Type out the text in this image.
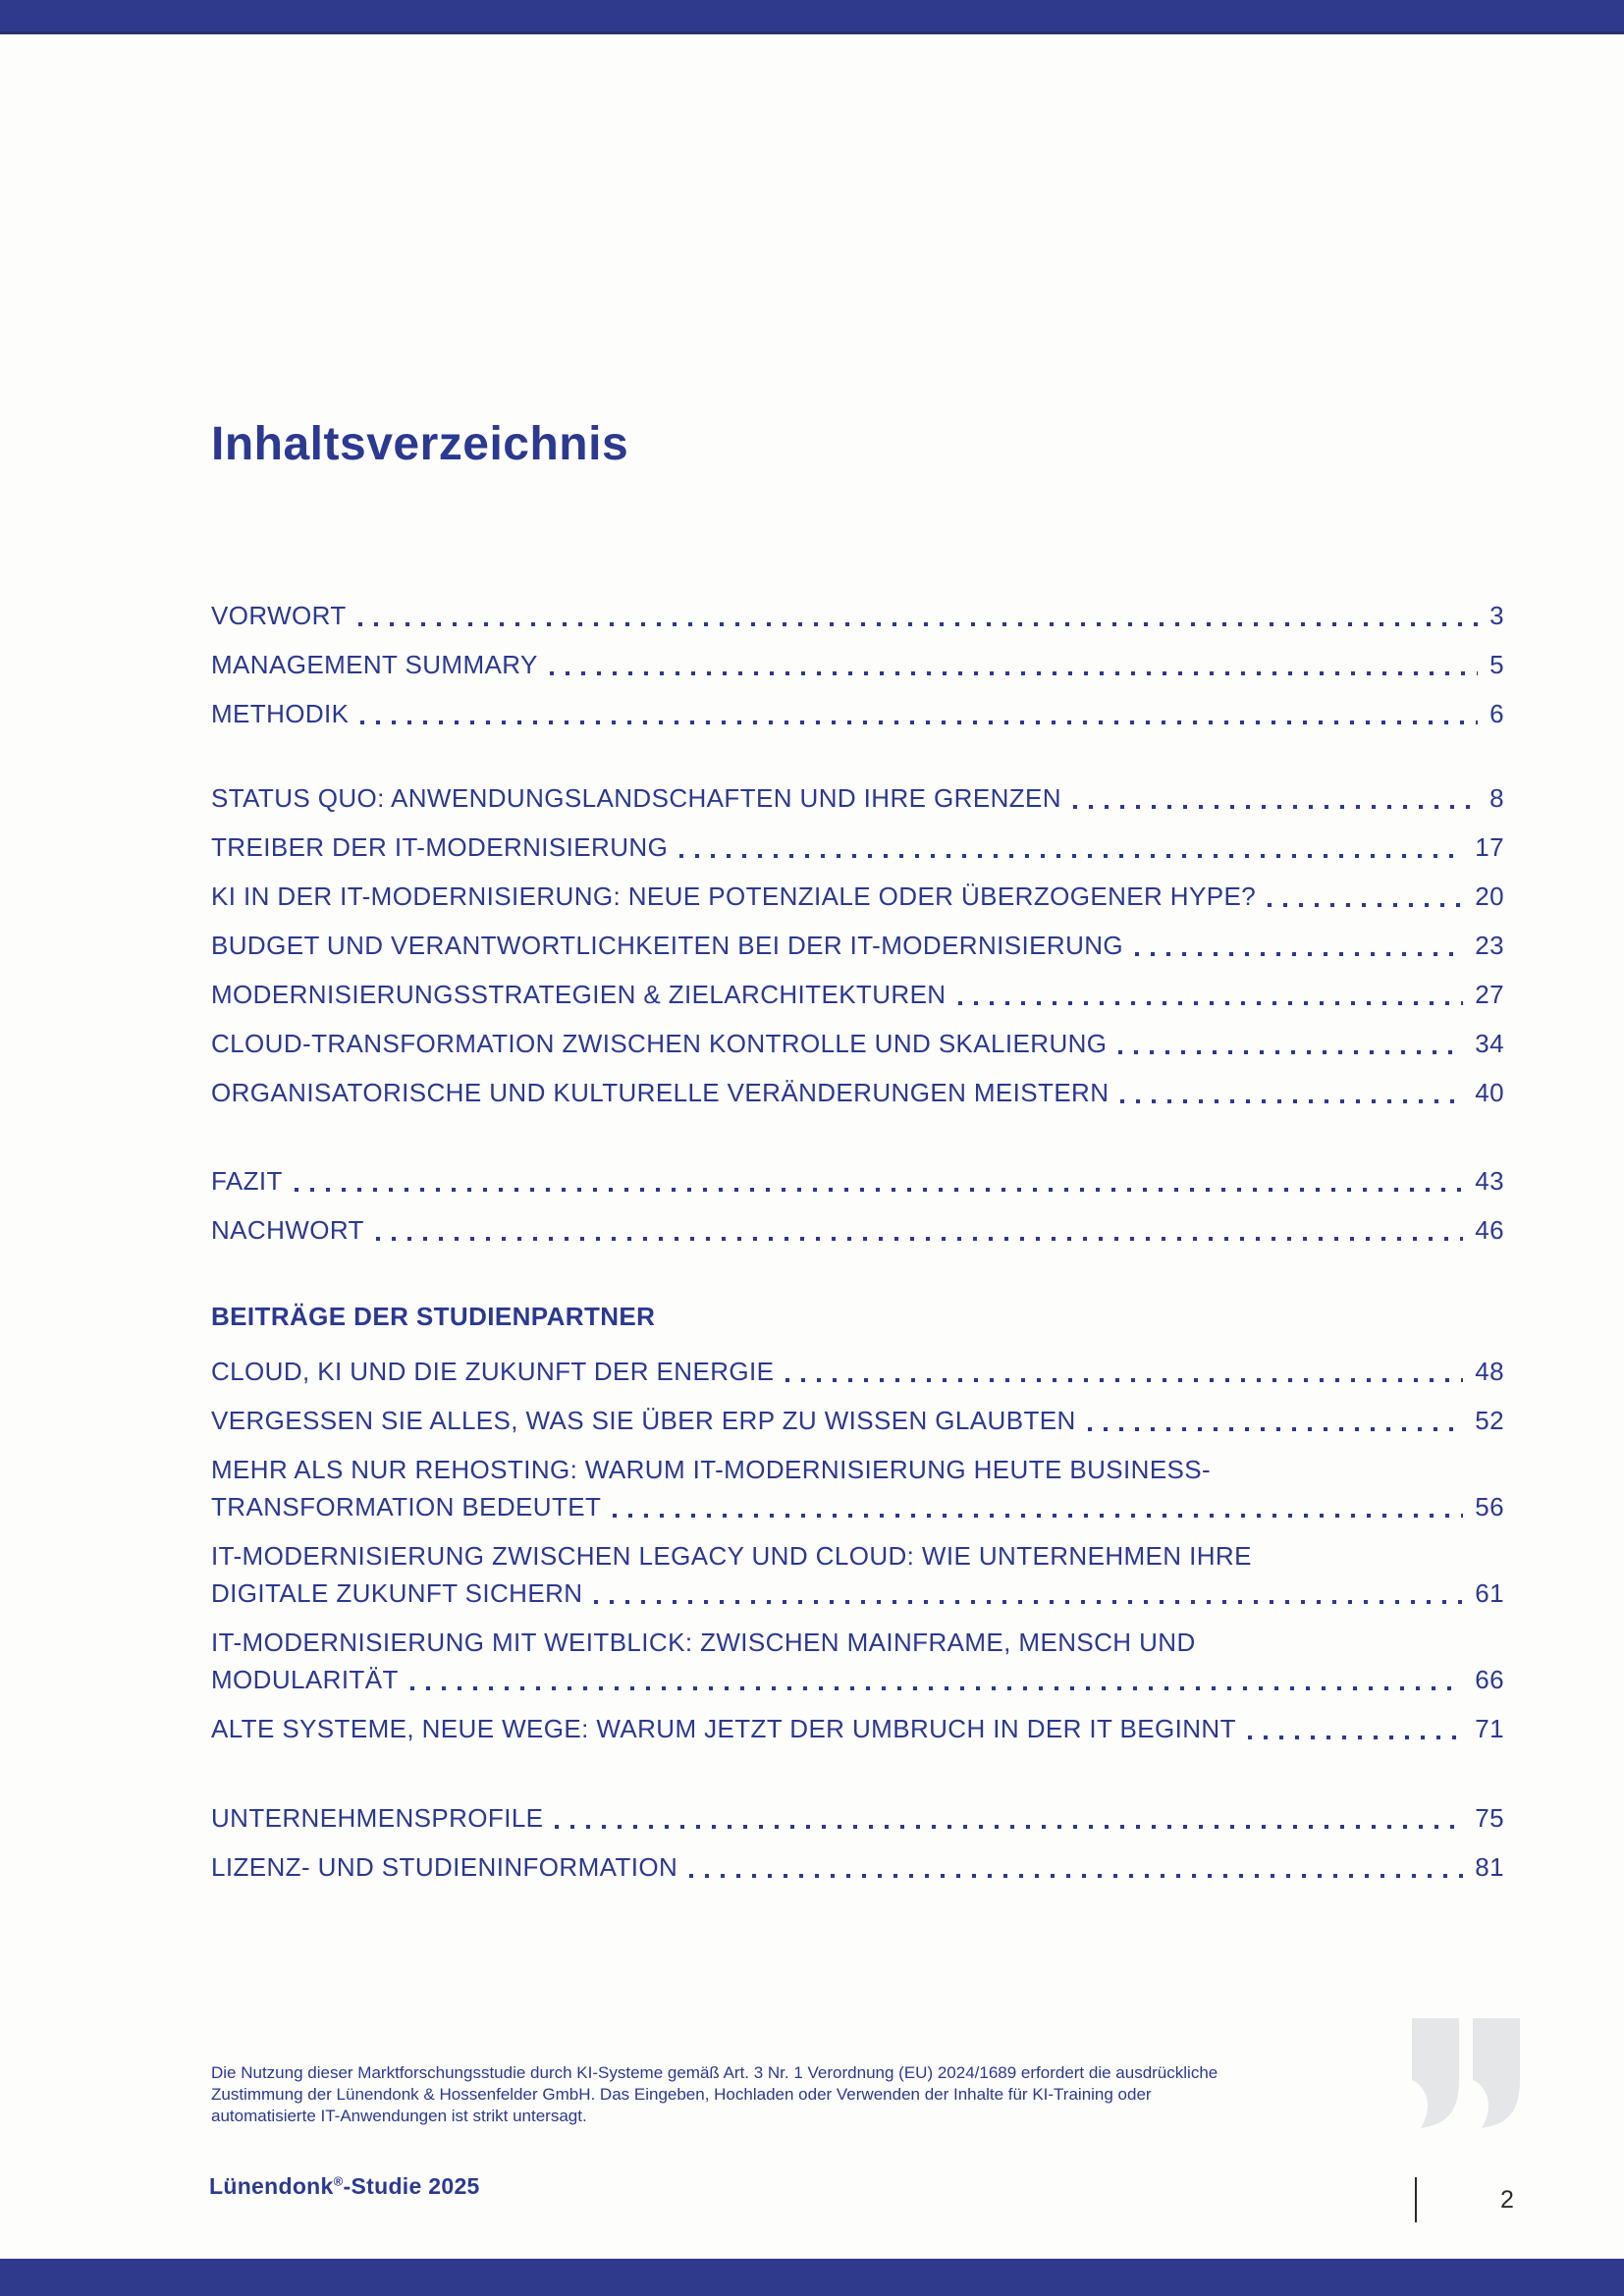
Inhaltsverzeichnis
VORWORT	3
MANAGEMENT SUMMARY	5
METHODIK	6
STATUS QUO: ANWENDUNGSLANDSCHAFTEN UND IHRE GRENZEN	8
TREIBER DER IT-MODERNISIERUNG	17
KI IN DER IT-MODERNISIERUNG: NEUE POTENZIALE ODER ÜBERZOGENER HYPE?	20
BUDGET UND VERANTWORTLICHKEITEN BEI DER IT-MODERNISIERUNG	23
MODERNISIERUNGSSTRATEGIEN & ZIELARCHITEKTUREN	27
CLOUD-TRANSFORMATION ZWISCHEN KONTROLLE UND SKALIERUNG	34
ORGANISATORISCHE UND KULTURELLE VERÄNDERUNGEN MEISTERN	40
FAZIT	43
NACHWORT	46
BEITRÄGE DER STUDIENPARTNER
CLOUD, KI UND DIE ZUKUNFT DER ENERGIE	48
VERGESSEN SIE ALLES, WAS SIE ÜBER ERP ZU WISSEN GLAUBTEN	52
MEHR ALS NUR REHOSTING: WARUM IT-MODERNISIERUNG HEUTE BUSINESS-
TRANSFORMATION BEDEUTET	56
IT-MODERNISIERUNG ZWISCHEN LEGACY UND CLOUD: WIE UNTERNEHMEN IHRE
DIGITALE ZUKUNFT SICHERN	61
IT-MODERNISIERUNG MIT WEITBLICK: ZWISCHEN MAINFRAME, MENSCH UND
MODULARITÄT	66
ALTE SYSTEME, NEUE WEGE: WARUM JETZT DER UMBRUCH IN DER IT BEGINNT	71
UNTERNEHMENSPROFILE	75
LIZENZ- UND STUDIENINFORMATION	81
Die Nutzung dieser Marktforschungsstudie durch KI-Systeme gemäß Art. 3 Nr. 1 Verordnung (EU) 2024/1689 erfordert die ausdrückliche
Zustimmung der Lünendonk & Hossenfelder GmbH. Das Eingeben, Hochladen oder Verwenden der Inhalte für KI-Training oder
automatisierte IT-Anwendungen ist strikt untersagt.
Lünendonk®-Studie 2025	2
